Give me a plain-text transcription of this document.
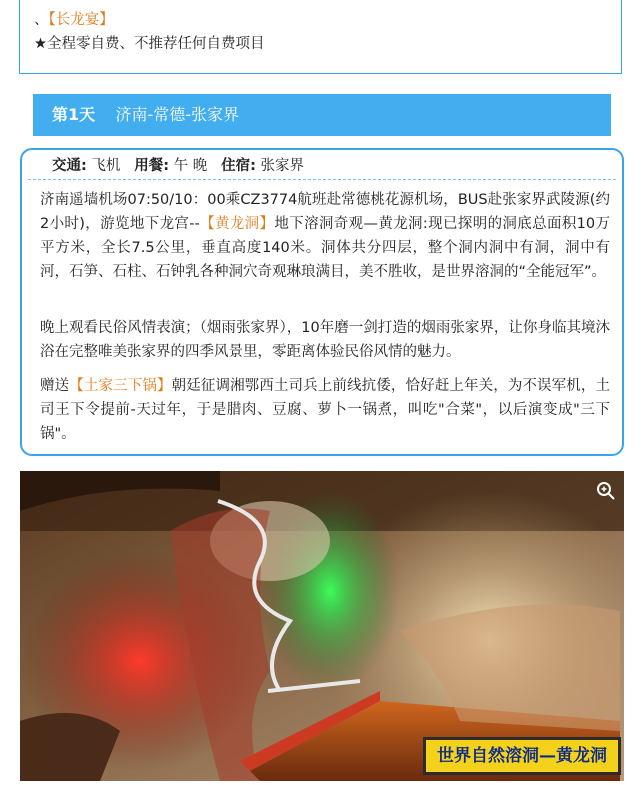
、【长龙宴】
★全程零自费、不推荐任何自费项目
第1天 济南-常德-张家界
交通: 飞机 用餐: 午 晚 住宿: 张家界
济南遥墙机场07:50/10：00乘CZ3774航班赴常德桃花源机场，BUS赴张家界武陵源(约2小时)，游览地下龙宫--【黄龙洞】地下溶洞奇观—黄龙洞:现已探明的洞底总面积10万平方米，全长7.5公里，垂直高度140米。洞体共分四层，整个洞内洞中有洞，洞中有河，石笋、石柱、石钟乳各种洞穴奇观琳琅满目，美不胜收，是世界溶洞的“全能冠军”。
晚上观看民俗风情表演；（烟雨张家界），10年磨一剑打造的烟雨张家界，让你身临其境沐浴在完整唯美张家界的四季风景里，零距离体验民俗风情的魅力。
赠送【土家三下锅】朝廷征调湘鄂西土司兵上前线抗倭，恰好赶上年关，为不误军机，土司王下令提前-天过年，于是腊肉、豆腐、萝卜一锅煮，叫吃"合菜"，以后演变成"三下锅"。
世界自然溶洞—黄龙洞
